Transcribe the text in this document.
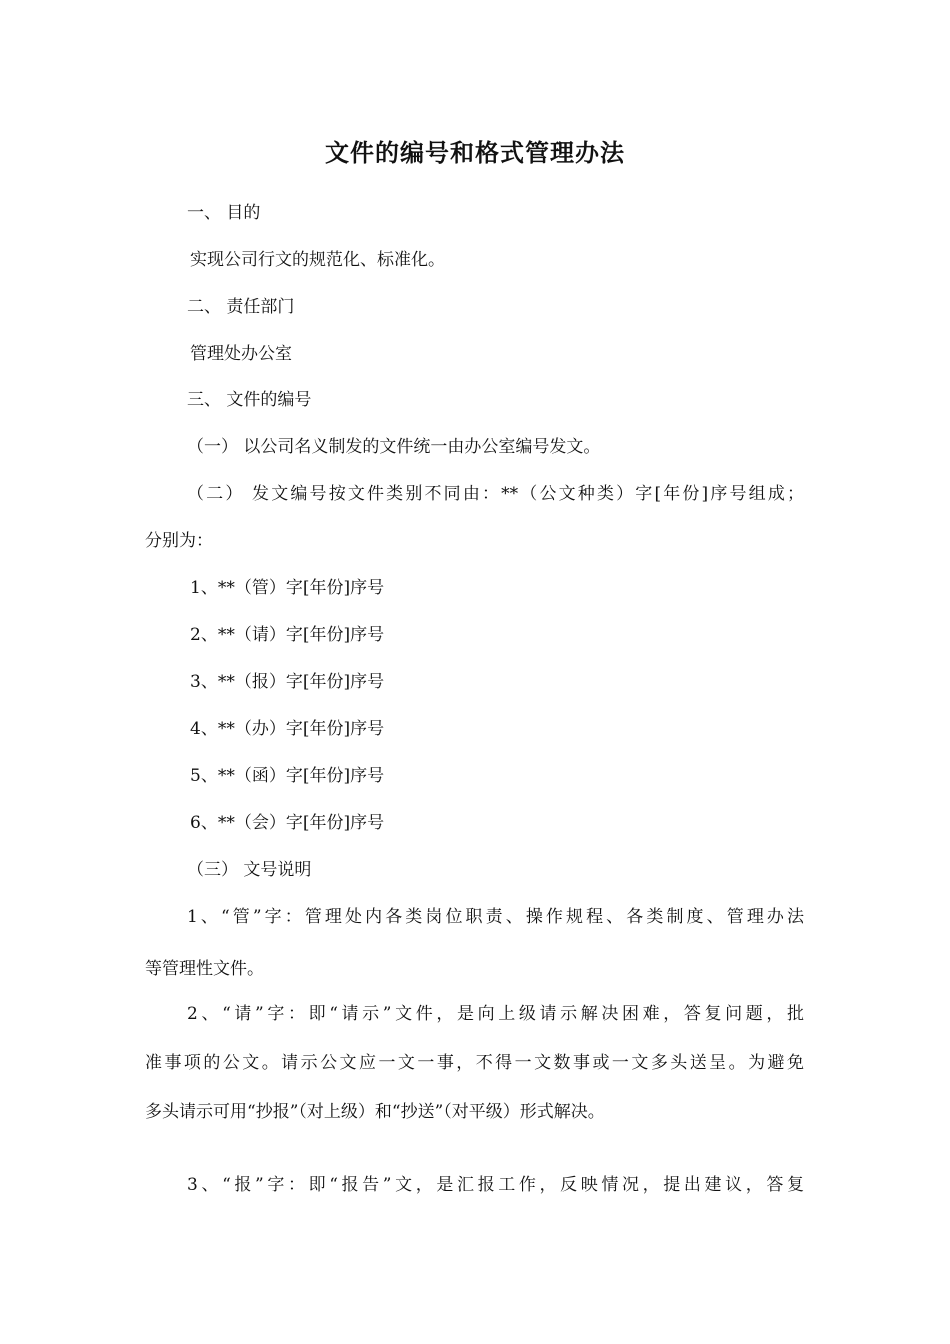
文件的编号和格式管理办法
一、 目的
实现公司行文的规范化、标准化。
二、 责任部门
管理处办公室
三、 文件的编号
（一） 以公司名义制发的文件统一由办公室编号发文。
（二） 发文编号按文件类别不同由：**（公文种类）字[年份]序号组成；
分别为：
1、**（管）字[年份]序号
2、**（请）字[年份]序号
3、**（报）字[年份]序号
4、**（办）字[年份]序号
5、**（函）字[年份]序号
6、**（会）字[年份]序号
（三） 文号说明
1、“管”字：管理处内各类岗位职责、操作规程、各类制度、管理办法
等管理性文件。
2、“请”字：即“请示”文件，是向上级请示解决困难，答复问题，批
准事项的公文。请示公文应一文一事，不得一文数事或一文多头送呈。为避免
多头请示可用“抄报”（对上级）和“抄送”（对平级）形式解决。
3、“报”字：即“报告”文，是汇报工作，反映情况，提出建议，答复
